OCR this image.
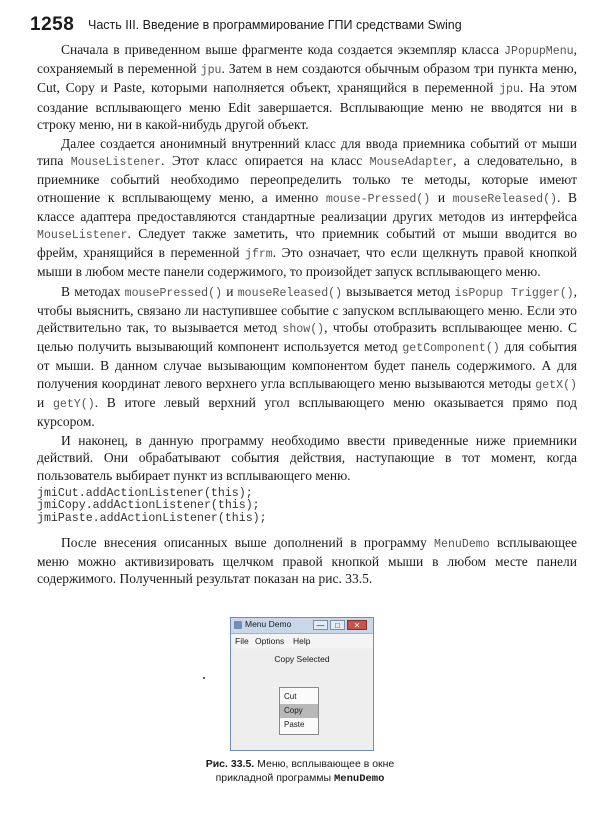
1258 Часть III. Введение в программирование ГПИ средствами Swing

Сначала в приведенном выше фрагменте кода создается экземпляр класса JPopupMenu, сохраняемый в переменной jpu. Затем в нем создаются обычным образом три пункта меню, Cut, Copy и Paste, которыми наполняется объект, хранящийся в переменной jpu. На этом создание всплывающего меню Edit завершается. Всплывающие меню не вводятся ни в строку меню, ни в какой-нибудь другой объект.

Далее создается анонимный внутренний класс для ввода приемника событий от мыши типа MouseListener. Этот класс опирается на класс MouseAdapter, а следовательно, в приемнике событий необходимо переопределить только те методы, которые имеют отношение к всплывающему меню, а именно mouse-Pressed() и mouseReleased(). В классе адаптера предоставляются стандартные реализации других методов из интерфейса MouseListener. Следует также заметить, что приемник событий от мыши вводится во фрейм, хранящийся в переменной jfrm. Это означает, что если щелкнуть правой кнопкой мыши в любом месте панели содержимого, то произойдет запуск всплывающего меню.

В методах mousePressed() и mouseReleased() вызывается метод isPopup Trigger(), чтобы выяснить, связано ли наступившее событие с запуском всплывающего меню. Если это действительно так, то вызывается метод show(), чтобы отобразить всплывающее меню. С целью получить вызывающий компонент используется метод getComponent() для события от мыши. В данном случае вызывающим компонентом будет панель содержимого. А для получения координат левого верхнего угла всплывающего меню вызываются методы getX() и getY(). В итоге левый верхний угол всплывающего меню оказывается прямо под курсором.

И наконец, в данную программу необходимо ввести приведенные ниже приемники действий. Они обрабатывают события действия, наступающие в тот момент, когда пользователь выбирает пункт из всплывающего меню.

jmiCut.addActionListener(this);
jmiCopy.addActionListener(this);
jmiPaste.addActionListener(this);

После внесения описанных выше дополнений в программу MenuDemo всплывающее меню можно активизировать щелчком правой кнопкой мыши в любом месте панели содержимого. Полученный результат показан на рис. 33.5.

Menu Demo	—	□	✕
File Options Help
Copy Selected
Cut
Copy
Paste
Рис. 33.5. Меню, всплывающее в окне прикладной программы MenuDemo
